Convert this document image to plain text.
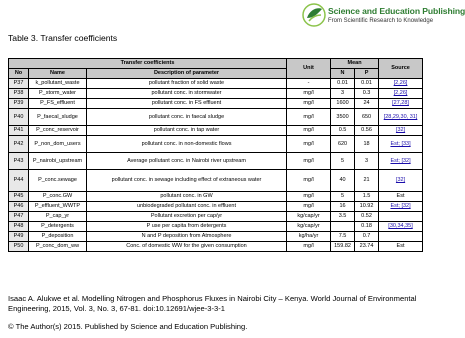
Science and Education Publishing
From Scientific Research to Knowledge
Table 3. Transfer coefficients
Transfer coefficients			Unit	Mean		Source
No	Name	Description of parameter		N	P	
P37	k_pollutant_waste	pollutant fraction of solid waste	-	0.01	0.01	[2,26]
P38	P_storm_water	pollutant conc. in stormwater	mg/l	3	0.3	[2,26]
P39	P_FS_effluent	pollutant conc. in FS effluent	mg/l	1600	24	[27,28]
P40	P_faecal_sludge	pollutant conc. in faecal sludge	mg/l	3500	650	[28,29,30, 31]
P41	P_conc_reservoir	pollutant conc. in tap water	mg/l	0.5	0.56	[32]
P42	P_non_dom_users	pollutant conc. in non-domestic flows	mg/l	620	18	Est; [33]
P43	P_nairobi_upstream	Average pollutant conc. in Nairobi river upstream	mg/l	5	3	Est; [32]
P44	P_conc.sewage	pollutant conc. in sewage including effect of extraneous water	mg/l	40	21	[32]
P45	P_conc.GW	pollutant conc. in GW	mg/l	5	1.5	Est
P46	P_effluent_WWTP	unbiodegraded pollutant conc. in effluent	mg/l	16	10.92	Est; [32]
P47	P_cap_yr	Pollutant excretion per cap/yr	kg/cap/yr	3.5	0.52	
P48	P_detergents	P use per capita from detergents	kg/cap/yr		0.18	[30,34,35]
P49	P_deposition	N and P deposition from Atmosphere	kg/ha/yr	7.5	0.7	
P50	P_conc_dom_ww	Conc. of domestic WW for the given consumption	mg/l	159.82	23.74	Est
Isaac A. Alukwe et al. Modelling Nitrogen and Phosphorus Fluxes in Nairobi City – Kenya. World Journal of Environmental Engineering, 2015, Vol. 3, No. 3, 67-81. doi:10.12691/wjee-3-3-1
© The Author(s) 2015. Published by Science and Education Publishing.
